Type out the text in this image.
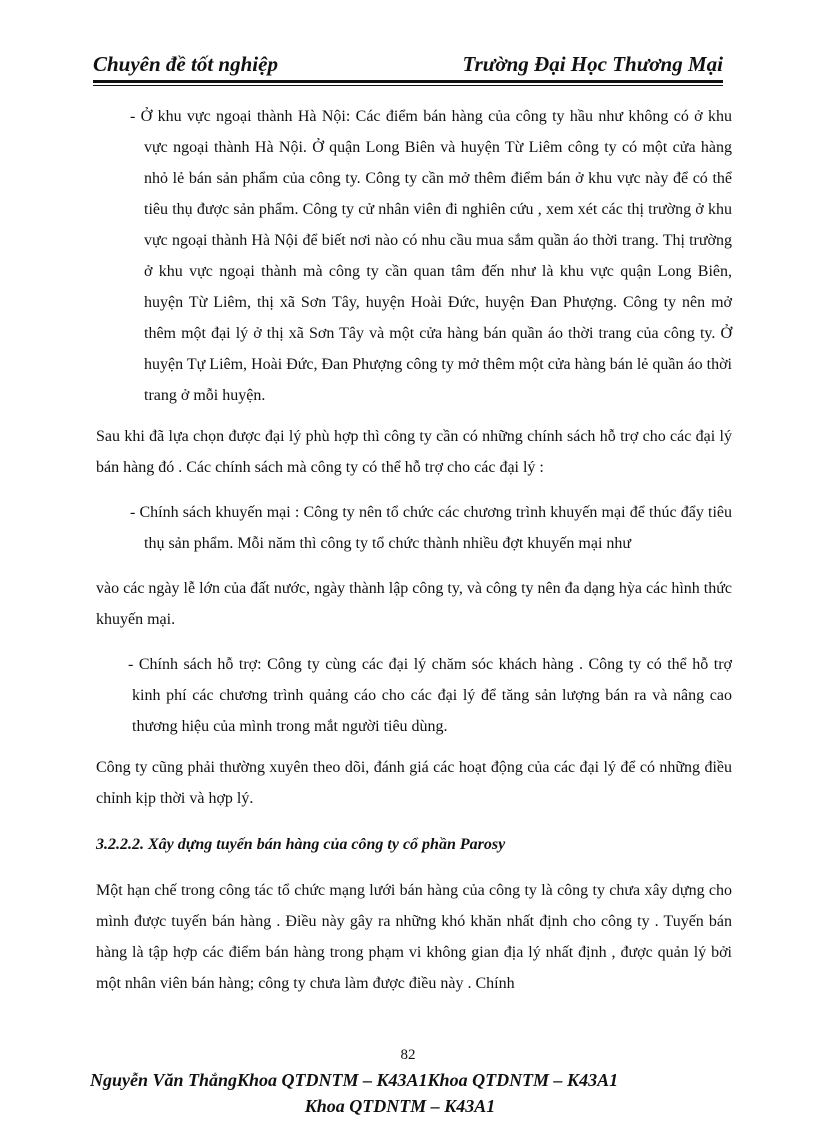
Chuyên đề tốt nghiệp	Trường Đại Học Thương Mại

- Ở khu vực ngoại thành Hà Nội: Các điểm bán hàng của công ty hầu như không có ở khu vực ngoại thành Hà Nội. Ở quận Long Biên và huyện Từ Liêm công ty có một cửa hàng nhỏ lẻ bán sản phẩm của công ty. Công ty cần mở thêm điểm bán ở khu vực này để có thể tiêu thụ được sản phẩm. Công ty cử nhân viên đi nghiên cứu , xem xét các thị trường ở khu vực ngoại thành Hà Nội để biết nơi nào có nhu cầu mua sắm quần áo thời trang. Thị trường ở khu vực ngoại thành mà công ty cần quan tâm đến như là khu vực quận Long Biên, huyện Từ Liêm, thị xã Sơn Tây, huyện Hoài Đức, huyện Đan Phượng. Công ty nên mở thêm một đại lý ở thị xã Sơn Tây và một cửa hàng bán quần áo thời trang của công ty. Ở huyện Tự Liêm, Hoài Đức, Đan Phượng công ty mở thêm một cửa hàng bán lẻ quần áo thời trang ở mỗi huyện.

Sau khi đã lựa chọn được đại lý phù hợp thì công ty cần có những chính sách hỗ trợ cho các đại lý bán hàng đó . Các chính sách mà công ty có thể hỗ trợ cho các đại lý :

- Chính sách khuyến mại : Công ty nên tổ chức các chương trình khuyến mại để thúc đẩy tiêu thụ sản phẩm. Mỗi năm thì công ty tổ chức thành nhiều đợt khuyến mại như

vào các ngày lễ lớn của đất nước, ngày thành lập công ty, và công ty nên đa dạng hỳa các hình thức khuyến mại.

- Chính sách hỗ trợ: Công ty cùng các đại lý chăm sóc khách hàng . Công ty có thể hỗ trợ kinh phí các chương trình quảng cáo cho các đại lý để tăng sản lượng bán ra và nâng cao thương hiệu của mình trong mắt người tiêu dùng.

Công ty cũng phải thường xuyên theo dõi, đánh giá các hoạt động của các đại lý để có những điều chỉnh kịp thời và hợp lý.

3.2.2.2. Xây dựng tuyến bán hàng của công ty cổ phần Parosy

Một hạn chế trong công tác tổ chức mạng lưới bán hàng của công ty là công ty chưa xây dựng cho mình được tuyến bán hàng . Điều này gây ra những khó khăn nhất định cho công ty . Tuyến bán hàng là tập hợp các điểm bán hàng trong phạm vi không gian địa lý nhất định , được quản lý bởi một nhân viên bán hàng; công ty chưa làm được điều này . Chính

82
Nguyễn Văn ThắngKhoa QTDNTM – K43A1Khoa QTDNTM – K43A1
Khoa QTDNTM – K43A1
